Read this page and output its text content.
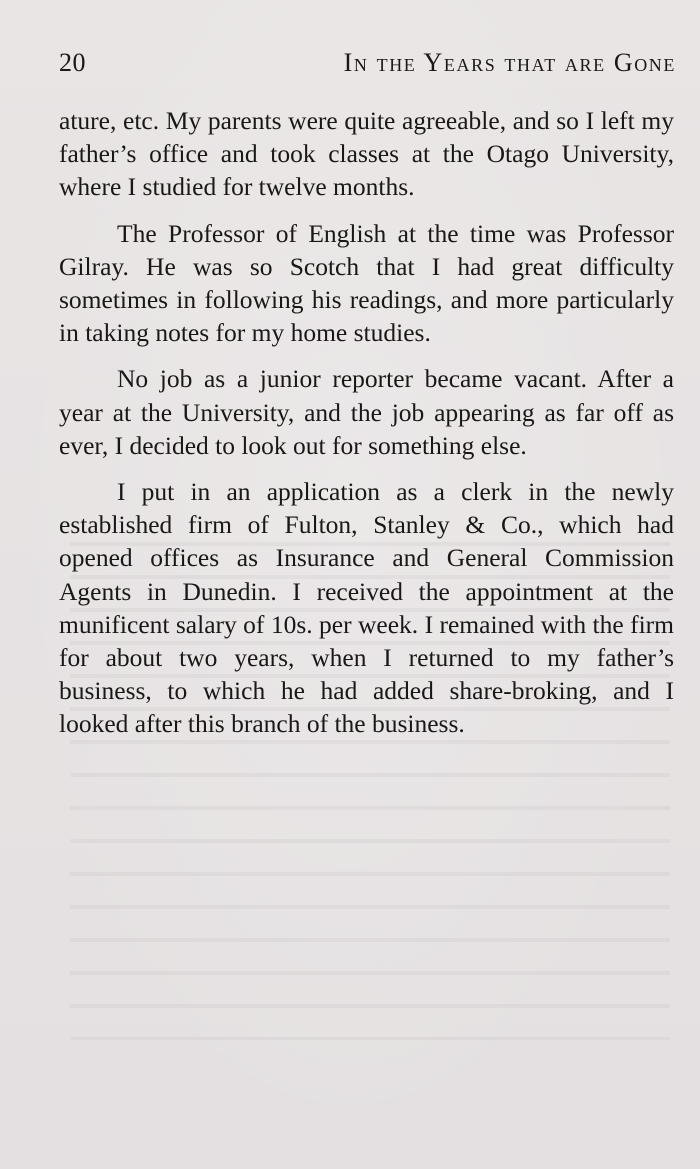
20	In the Years that are Gone

ature, etc. My parents were quite agreeable, and so I left my father’s office and took classes at the Otago University, where I studied for twelve months.

The Professor of English at the time was Professor Gilray. He was so Scotch that I had great difficulty sometimes in following his readings, and more particularly in taking notes for my home studies.

No job as a junior reporter became vacant. After a year at the University, and the job appearing as far off as ever, I decided to look out for something else.

I put in an application as a clerk in the newly established firm of Fulton, Stanley & Co., which had opened offices as Insurance and General Commission Agents in Dunedin. I received the appointment at the munificent salary of 10s. per week. I remained with the firm for about two years, when I returned to my father’s business, to which he had added share-broking, and I looked after this branch of the business.
